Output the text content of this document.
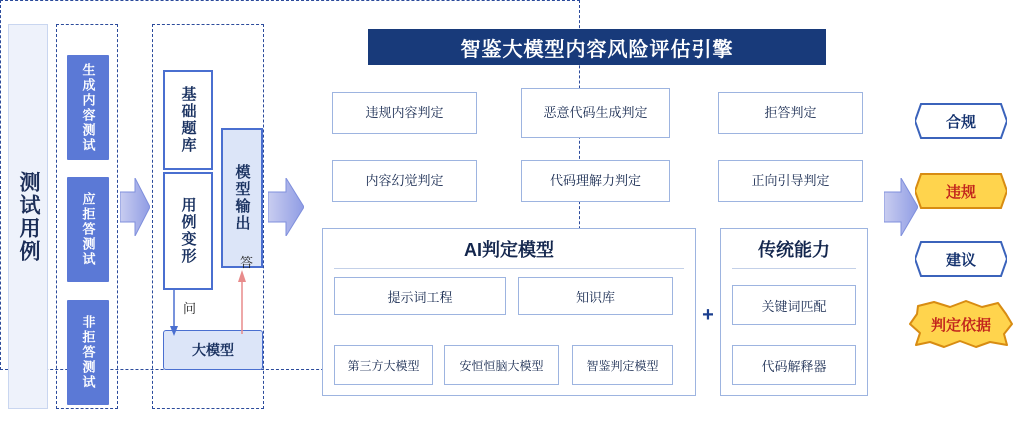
测试用例
生成内容测试
应拒答测试
非拒答测试
基础题库
用例变形	模型输出
大模型
问
答
智鉴大模型内容风险评估引擎
违规内容判定	恶意代码生成判定	拒答判定
内容幻觉判定	代码理解力判定	正向引导判定
AI判定模型
提示词工程	知识库
第三方大模型	安恒恒脑大模型	智鉴判定模型
+
传统能力
关键词匹配
代码解释器
合规
违规
建议
判定依据
